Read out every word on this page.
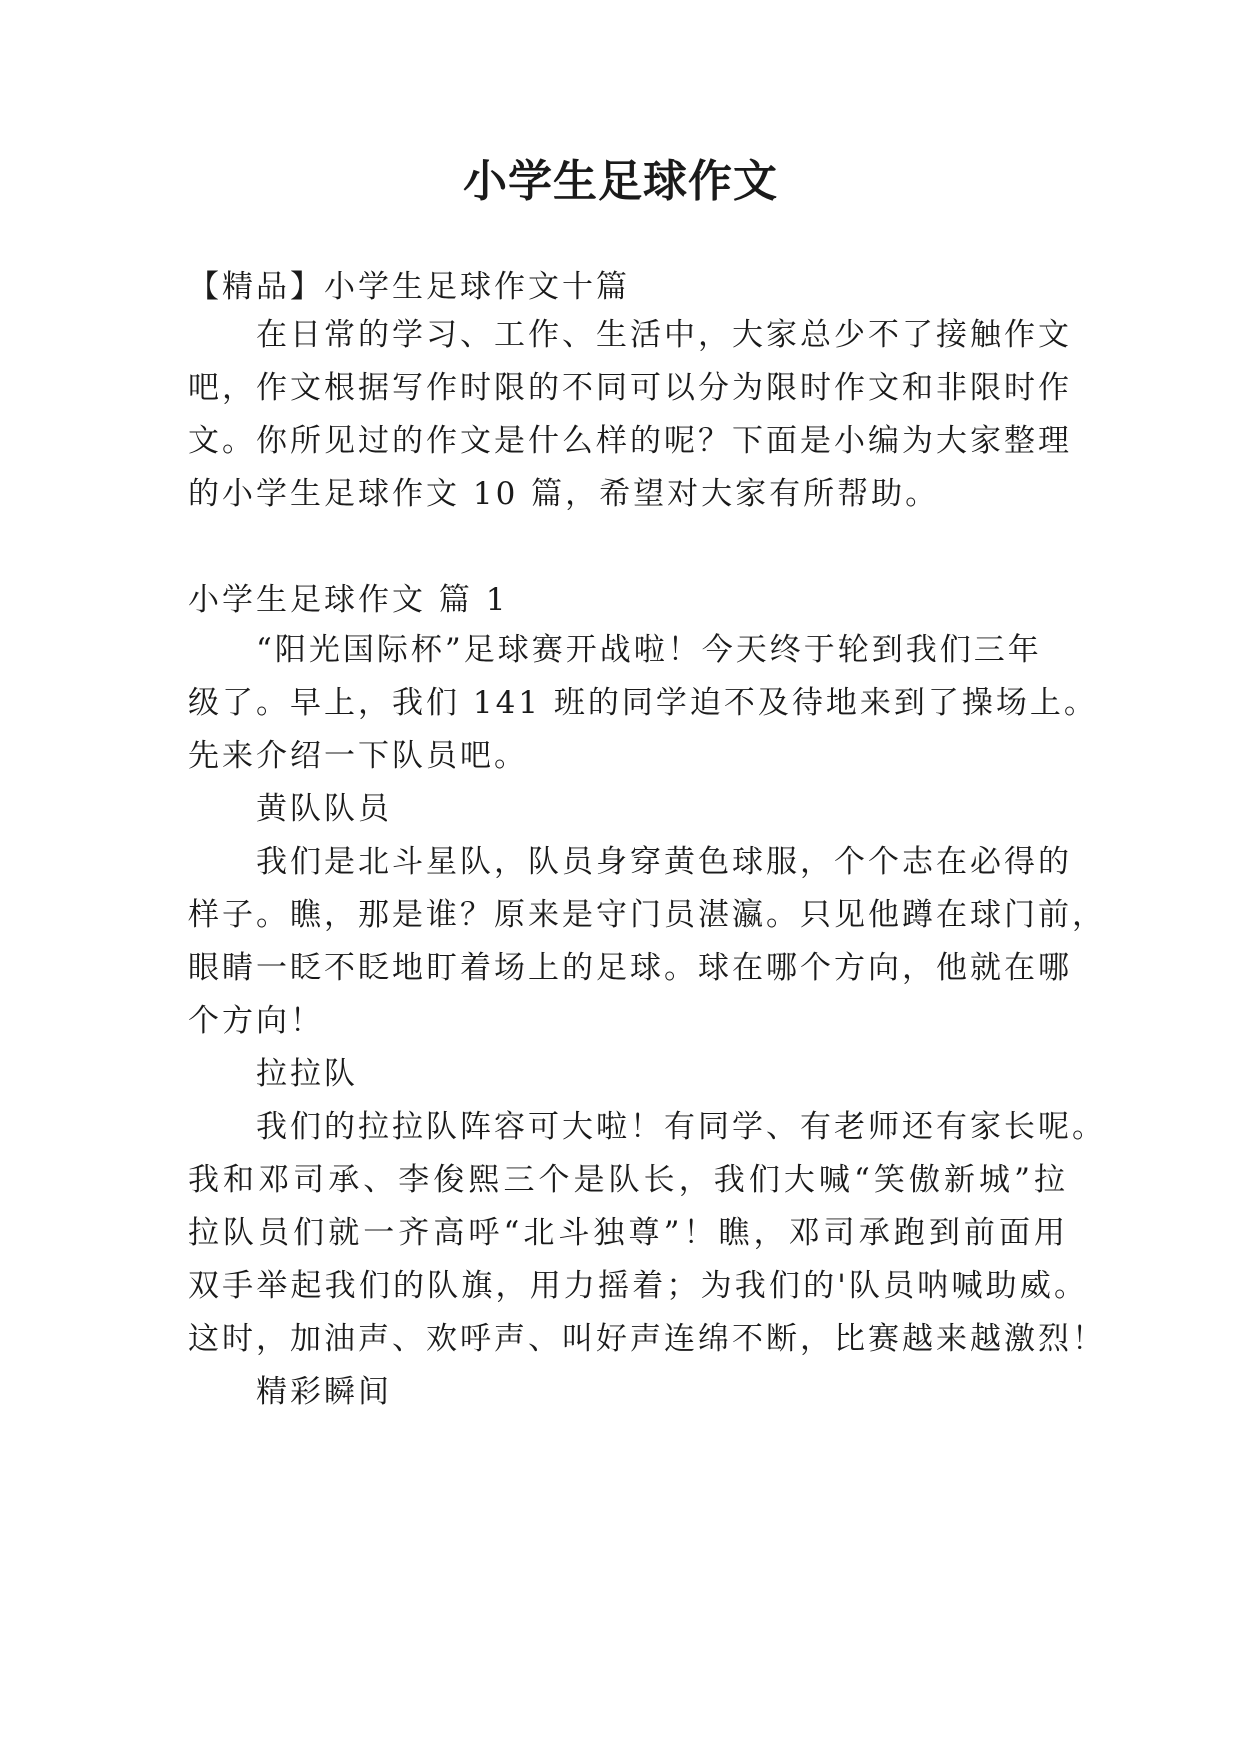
小学生足球作文
【精品】小学生足球作文十篇
在日常的学习、工作、生活中，大家总少不了接触作文
吧，作文根据写作时限的不同可以分为限时作文和非限时作
文。你所见过的作文是什么样的呢？下面是小编为大家整理
的小学生足球作文 10 篇，希望对大家有所帮助。
小学生足球作文 篇 1
“阳光国际杯”足球赛开战啦！今天终于轮到我们三年
级了。早上，我们 141 班的同学迫不及待地来到了操场上。
先来介绍一下队员吧。
黄队队员
我们是北斗星队，队员身穿黄色球服，个个志在必得的
样子。瞧，那是谁？原来是守门员湛瀛。只见他蹲在球门前，
眼睛一眨不眨地盯着场上的足球。球在哪个方向，他就在哪
个方向！
拉拉队
我们的拉拉队阵容可大啦！有同学、有老师还有家长呢。
我和邓司承、李俊熙三个是队长，我们大喊“笑傲新城”拉
拉队员们就一齐高呼“北斗独尊”！瞧，邓司承跑到前面用
双手举起我们的队旗，用力摇着；为我们的'队员呐喊助威。
这时，加油声、欢呼声、叫好声连绵不断，比赛越来越激烈！
精彩瞬间
